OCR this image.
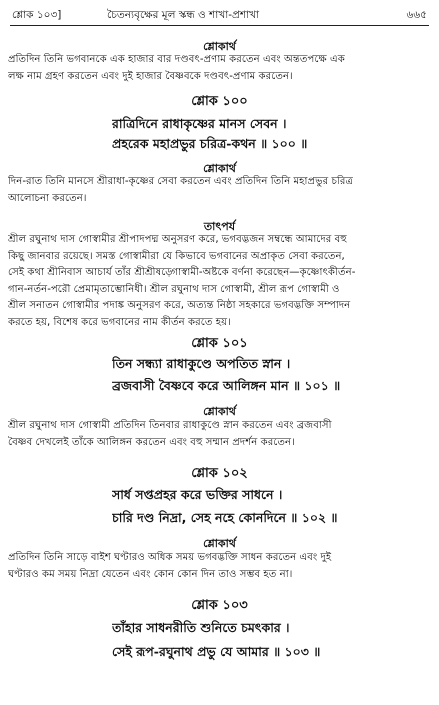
শ্লোক ১০৩]	চৈতন্যবৃক্ষের মূল স্কন্ধ ও শাখা-প্রশাখা	৬৬৫
শ্লোকার্থ
প্রতিদিন তিনি ভগবানকে এক হাজার বার দণ্ডবৎ-প্রণাম করতেন এবং অন্ততপক্ষে এক
লক্ষ নাম গ্রহণ করতেন এবং দুই হাজার বৈষ্ণবকে দণ্ডবৎ-প্রণাম করতেন।
শ্লোক ১০০
রাত্রিদিনে রাধাকৃষ্ণের মানস সেবন ।
প্রহরেক মহাপ্রভুর চরিত্র-কথন ॥ ১০০ ॥
শ্লোকার্থ
দিন-রাত তিনি মানসে শ্রীরাধা-কৃষ্ণের সেবা করতেন এবং প্রতিদিন তিনি মহাপ্রভুর চরিত্র
আলোচনা করতেন।
তাৎপর্য
শ্রীল রঘুনাথ দাস গোস্বামীর শ্রীপাদপদ্ম অনুসরণ করে, ভগবদ্ভজন সম্বন্ধে আমাদের বহু
কিছু জানবার রয়েছে। সমস্ত গোস্বামীরা যে কিভাবে ভগবানের অপ্রাকৃত সেবা করতেন,
সেই কথা শ্রীনিবাস আচার্য তাঁর শ্রীশ্রীষড়্গোস্বামী-অষ্টকে বর্ণনা করেছেন—কৃষ্ণোৎকীর্তন-
গান-নর্তন-পরৌ প্রেমামৃতাম্ভোনিধী। শ্রীল রঘুনাথ দাস গোস্বামী, শ্রীল রূপ গোস্বামী ও
শ্রীল সনাতন গোস্বামীর পদাঙ্ক অনুসরণ করে, অত্যন্ত নিষ্ঠা সহকারে ভগবদ্ভক্তি সম্পাদন
করতে হয়, বিশেষ করে ভগবানের নাম কীর্তন করতে হয়।
শ্লোক ১০১
তিন সন্ধ্যা রাধাকুণ্ডে অপতিত স্নান ।
ব্রজবাসী বৈষ্ণবে করে আলিঙ্গন মান ॥ ১০১ ॥
শ্লোকার্থ
শ্রীল রঘুনাথ দাস গোস্বামী প্রতিদিন তিনবার রাধাকুণ্ডে স্নান করতেন এবং ব্রজবাসী
বৈষ্ণব দেখলেই তাঁকে আলিঙ্গন করতেন এবং বহু সম্মান প্রদর্শন করতেন।
শ্লোক ১০২
সার্ধ সপ্তপ্রহর করে ভক্তির সাধনে ।
চারি দণ্ড নিদ্রা, সেহ নহে কোনদিনে ॥ ১০২ ॥
শ্লোকার্থ
প্রতিদিন তিনি সাড়ে বাইশ ঘণ্টারও অধিক সময় ভগবদ্ভক্তি সাধন করতেন এবং দুই
ঘণ্টারও কম সময় নিদ্রা যেতেন এবং কোন কোন দিন তাও সম্ভব হত না।
শ্লোক ১০৩
তাঁহার সাধনরীতি শুনিতে চমৎকার ।
সেই রূপ-রঘুনাথ প্রভু যে আমার ॥ ১০৩ ॥
